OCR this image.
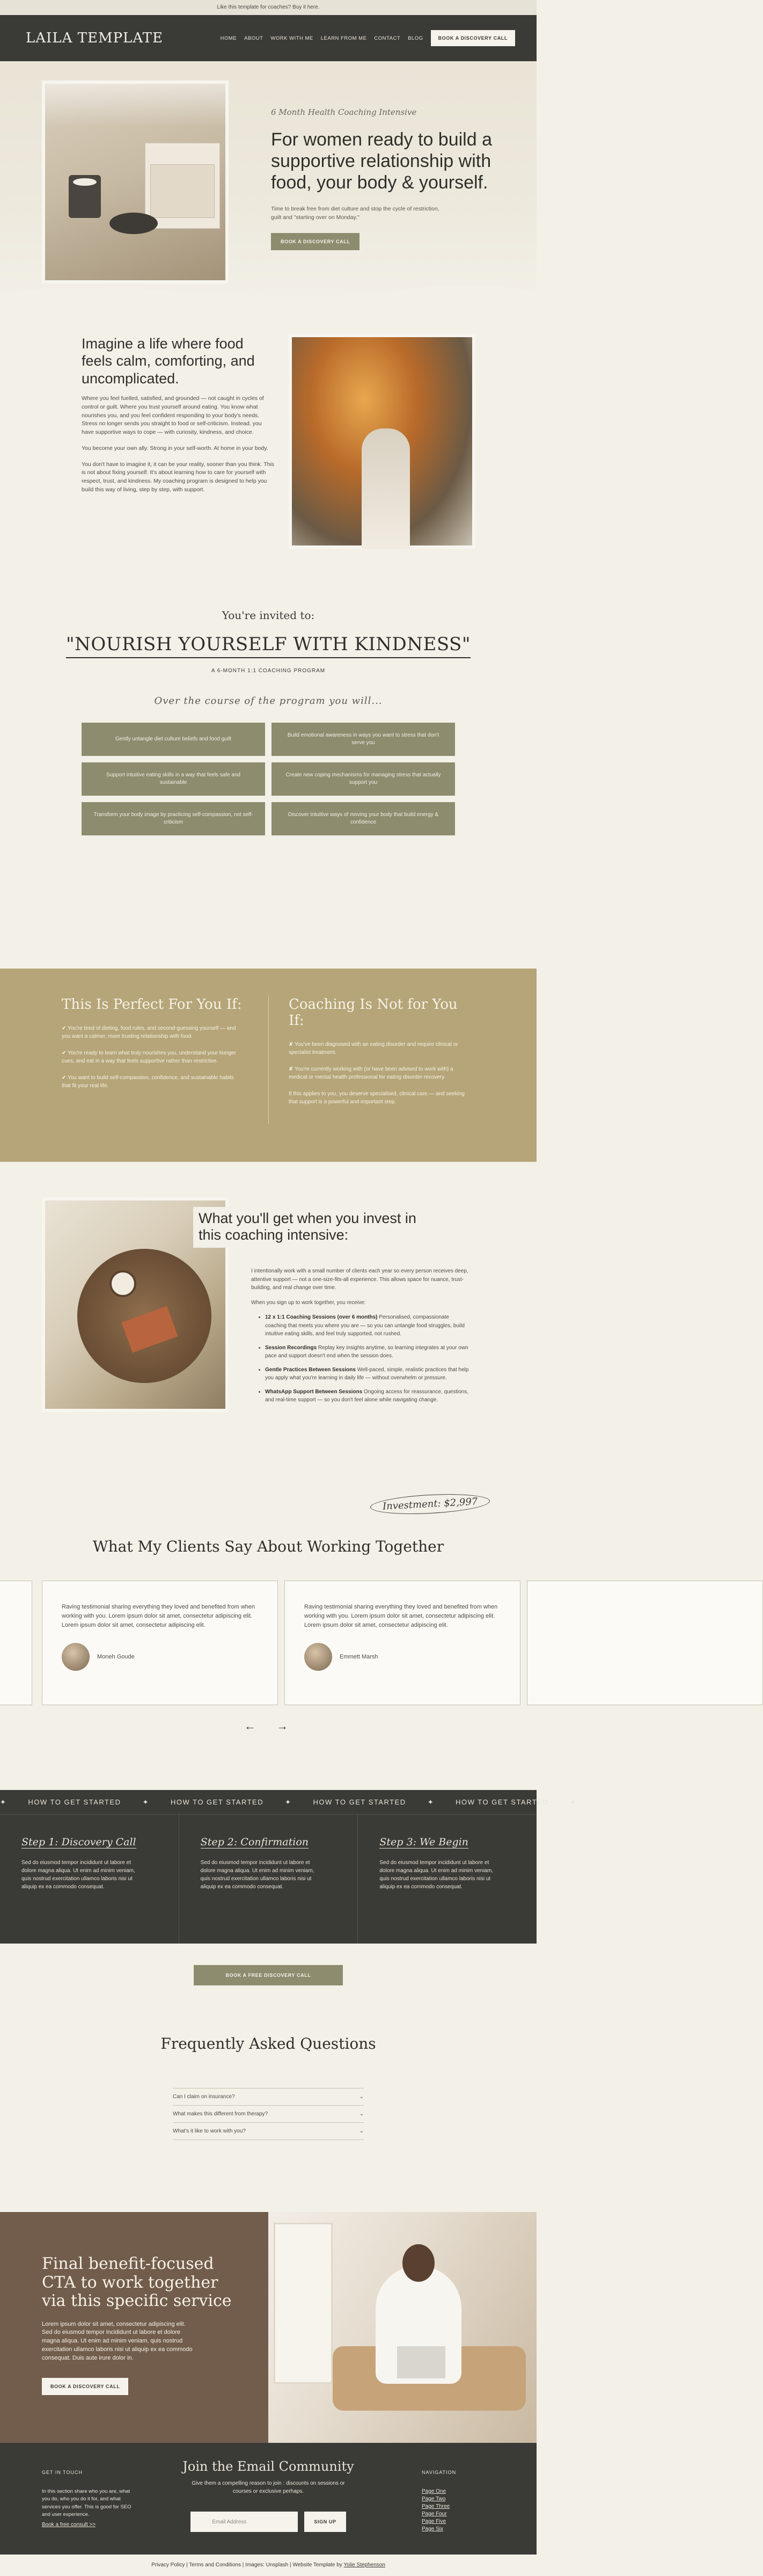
Like this template for coaches? Buy it here.
LAILA TEMPLATE	HOME ABOUT WORK WITH ME LEARN FROM ME CONTACT BLOG	BOOK A DISCOVERY CALL
6 Month Health Coaching Intensive
For women ready to build a supportive relationship with food, your body & yourself.
Time to break free from diet culture and stop the cycle of restriction, guilt and "starting over on Monday."
BOOK A DISCOVERY CALL
Imagine a life where food feels calm, comforting, and uncomplicated.

Where you feel fuelled, satisfied, and grounded — not caught in cycles of control or guilt. Where you trust yourself around eating. You know what nourishes you, and you feel confident responding to your body's needs. Stress no longer sends you straight to food or self-criticism. Instead, you have supportive ways to cope — with curiosity, kindness, and choice.

You become your own ally. Strong in your self-worth. At home in your body.

You don't have to imagine it, it can be your reality, sooner than you think. This is not about fixing yourself. It's about learning how to care for yourself with respect, trust, and kindness. My coaching program is designed to help you build this way of living, step by step, with support.

You're invited to:
"NOURISH YOURSELF WITH KINDNESS"
A 6-MONTH 1:1 COACHING PROGRAM
Over the course of the program you will...
Gently untangle diet culture beliefs and food guilt
Build emotional awareness in ways you want to stress that don't serve you
Support intuitive eating skills in a way that feels safe and sustainable
Create new coping mechanisms for managing stress that actually support you
Transform your body image by practicing self-compassion, not self-criticism
Discover intuitive ways of moving your body that build energy & confidence
This Is Perfect For You If:

✔ You're tired of dieting, food rules, and second-guessing yourself — and you want a calmer, more trusting relationship with food.

✔ You're ready to learn what truly nourishes you, understand your hunger cues, and eat in a way that feels supportive rather than restrictive.

✔ You want to build self-compassion, confidence, and sustainable habits that fit your real life.

Coaching Is Not for You If:

✘ You've been diagnosed with an eating disorder and require clinical or specialist treatment.

✘ You're currently working with (or have been advised to work with) a medical or mental health professional for eating disorder recovery.

If this applies to you, you deserve specialised, clinical care — and seeking that support is a powerful and important step.

What you'll get when you invest in this coaching intensive:

I intentionally work with a small number of clients each year so every person receives deep, attentive support — not a one-size-fits-all experience. This allows space for nuance, trust-building, and real change over time.

When you sign up to work together, you receive:

• 12 x 1:1 Coaching Sessions (over 6 months) Personalised, compassionate coaching that meets you where you are — so you can untangle food struggles, build intuitive eating skills, and feel truly supported, not rushed.
• Session Recordings Replay key insights anytime, so learning integrates at your own pace and support doesn't end when the session does.
• Gentle Practices Between Sessions Well-paced, simple, realistic practices that help you apply what you're learning in daily life — without overwhelm or pressure.
• WhatsApp Support Between Sessions Ongoing access for reassurance, questions, and real-time support — so you don't feel alone while navigating change.
Investment: $2,997
What My Clients Say About Working Together

Raving testimonial sharing everything they loved and benefited from when working with you. Lorem ipsum dolor sit amet, consectetur adipiscing elit. Lorem ipsum dolor sit amet, consectetur adipiscing elit.

Moneh Goude

Raving testimonial sharing everything they loved and benefited from when working with you. Lorem ipsum dolor sit amet, consectetur adipiscing elit. Lorem ipsum dolor sit amet, consectetur adipiscing elit.

Emmett Marsh
← →
✦	HOW TO GET STARTED	✦	HOW TO GET STARTED	✦	HOW TO GET STARTED	✦	HOW TO GET STARTED	✦
Step 1: Discovery Call

Sed do eiusmod tempor incididunt ut labore et dolore magna aliqua. Ut enim ad minim veniam, quis nostrud exercitation ullamco laboris nisi ut aliquip ex ea commodo consequat.

Step 2: Confirmation

Sed do eiusmod tempor incididunt ut labore et dolore magna aliqua. Ut enim ad minim veniam, quis nostrud exercitation ullamco laboris nisi ut aliquip ex ea commodo consequat.

Step 3: We Begin

Sed do eiusmod tempor incididunt ut labore et dolore magna aliqua. Ut enim ad minim veniam, quis nostrud exercitation ullamco laboris nisi ut aliquip ex ea commodo consequat.

BOOK A FREE DISCOVERY CALL
Frequently Asked Questions
Can I claim on insurance?	⌄
What makes this different from therapy?	⌄
What's it like to work with you?	⌄
Final benefit-focused CTA to work together via this specific service

Lorem ipsum dolor sit amet, consectetur adipiscing elit. Sed do eiusmod tempor incididunt ut labore et dolore magna aliqua. Ut enim ad minim veniam, quis nostrud exercitation ullamco laboris nisi ut aliquip ex ea commodo consequat. Duis aute irure dolor in.

BOOK A DISCOVERY CALL
GET IN TOUCH

In this section share who you are, what you do, who you do it for, and what services you offer. This is good for SEO and user experience.

Book a free consult >>
Join the Email Community

Give them a compelling reason to join : discounts on sessions or courses or exclusive perhaps.

Email Address	SIGN UP
NAVIGATION
Page One
Page Two
Page Three
Page Four
Page Five
Page Six
Privacy Policy | Terms and Conditions | Images: Unsplash | Website Template by Yolie Stephenson
